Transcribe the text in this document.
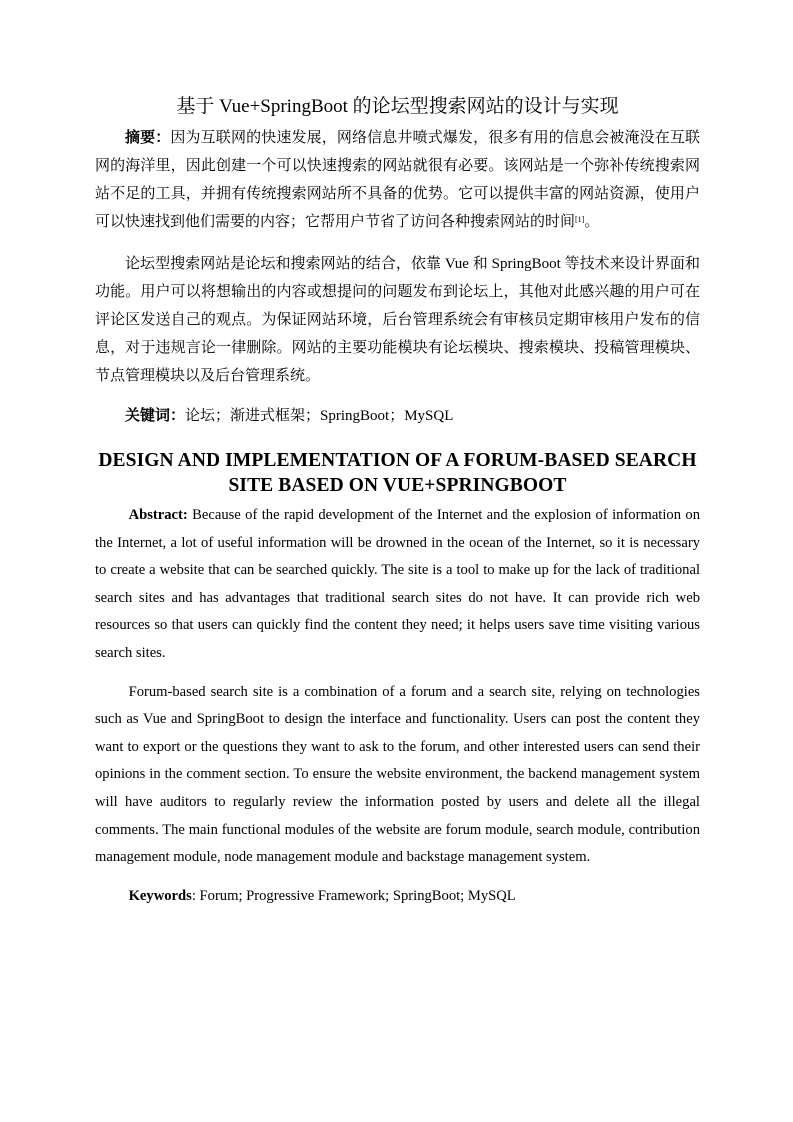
基于 Vue+SpringBoot 的论坛型搜索网站的设计与实现

摘要：因为互联网的快速发展，网络信息井喷式爆发，很多有用的信息会被淹没在互联网的海洋里，因此创建一个可以快速搜索的网站就很有必要。该网站是一个弥补传统搜索网站不足的工具，并拥有传统搜索网站所不具备的优势。它可以提供丰富的网站资源，使用户可以快速找到他们需要的内容；它帮用户节省了访问各种搜索网站的时间[1]。

论坛型搜索网站是论坛和搜索网站的结合，依靠 Vue 和 SpringBoot 等技术来设计界面和功能。用户可以将想输出的内容或想提问的问题发布到论坛上，其他对此感兴趣的用户可在评论区发送自己的观点。为保证网站环境，后台管理系统会有审核员定期审核用户发布的信息，对于违规言论一律删除。网站的主要功能模块有论坛模块、搜索模块、投稿管理模块、节点管理模块以及后台管理系统。

关键词：论坛；渐进式框架；SpringBoot；MySQL

DESIGN AND IMPLEMENTATION OF A FORUM-BASED SEARCH SITE BASED ON VUE+SPRINGBOOT

Abstract: Because of the rapid development of the Internet and the explosion of information on the Internet, a lot of useful information will be drowned in the ocean of the Internet, so it is necessary to create a website that can be searched quickly. The site is a tool to make up for the lack of traditional search sites and has advantages that traditional search sites do not have. It can provide rich web resources so that users can quickly find the content they need; it helps users save time visiting various search sites.

Forum-based search site is a combination of a forum and a search site, relying on technologies such as Vue and SpringBoot to design the interface and functionality. Users can post the content they want to export or the questions they want to ask to the forum, and other interested users can send their opinions in the comment section. To ensure the website environment, the backend management system will have auditors to regularly review the information posted by users and delete all the illegal comments. The main functional modules of the website are forum module, search module, contribution management module, node management module and backstage management system.

Keywords: Forum; Progressive Framework; SpringBoot; MySQL
